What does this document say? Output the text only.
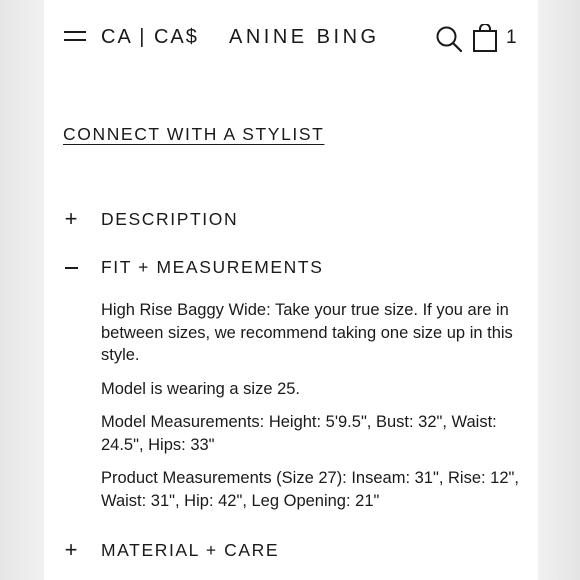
CA | CA$ ANINE BING	1
CONNECT WITH A STYLIST
+ DESCRIPTION
FIT + MEASUREMENTS

High Rise Baggy Wide: Take your true size. If you are in between sizes, we recommend taking one size up in this style.

Model is wearing a size 25.

Model Measurements: Height: 5'9.5", Bust: 32", Waist: 24.5", Hips: 33"

Product Measurements (Size 27): Inseam: 31", Rise: 12", Waist: 31", Hip: 42", Leg Opening: 21"

+ MATERIAL + CARE
